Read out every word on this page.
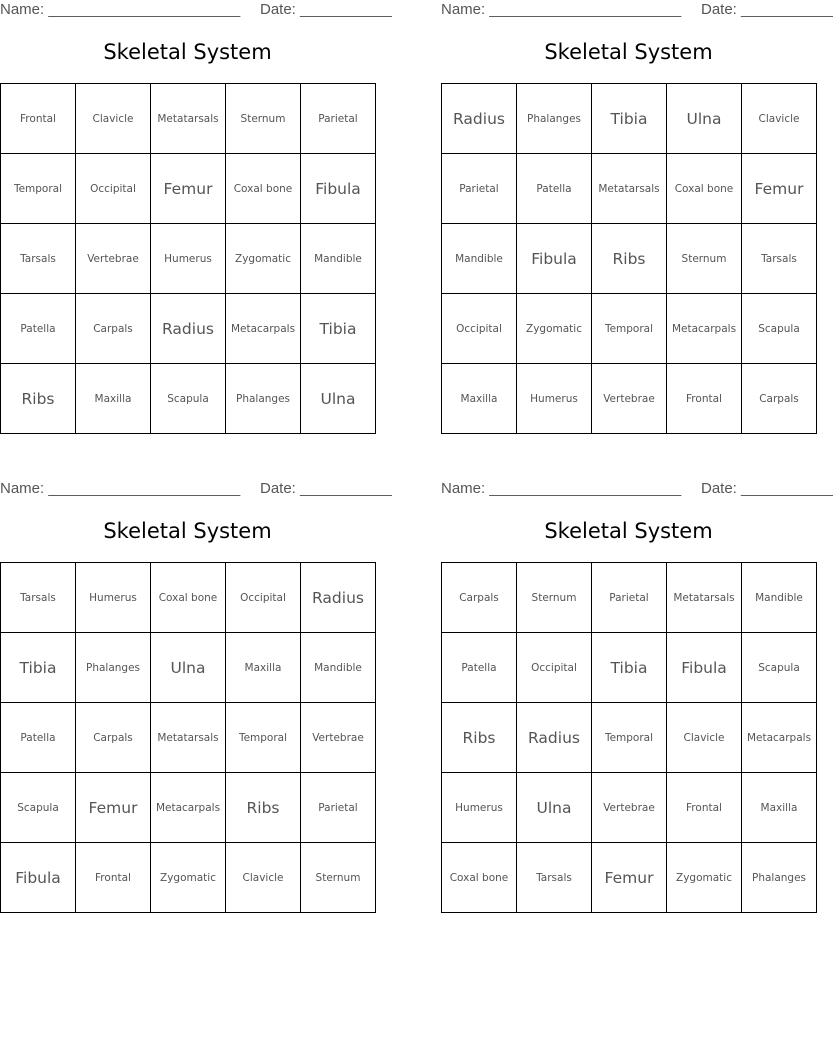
Name: _______________________ Date: ___________
Skeletal System
Frontal	Clavicle	Metatarsals	Sternum	Parietal
Temporal	Occipital	Femur	Coxal bone	Fibula
Tarsals	Vertebrae	Humerus	Zygomatic	Mandible
Patella	Carpals	Radius	Metacarpals	Tibia
Ribs	Maxilla	Scapula	Phalanges	Ulna
Name: _______________________ Date: ___________
Skeletal System
Radius	Phalanges	Tibia	Ulna	Clavicle
Parietal	Patella	Metatarsals	Coxal bone	Femur
Mandible	Fibula	Ribs	Sternum	Tarsals
Occipital	Zygomatic	Temporal	Metacarpals	Scapula
Maxilla	Humerus	Vertebrae	Frontal	Carpals
Name: _______________________ Date: ___________
Skeletal System
Tarsals	Humerus	Coxal bone	Occipital	Radius
Tibia	Phalanges	Ulna	Maxilla	Mandible
Patella	Carpals	Metatarsals	Temporal	Vertebrae
Scapula	Femur	Metacarpals	Ribs	Parietal
Fibula	Frontal	Zygomatic	Clavicle	Sternum
Name: _______________________ Date: ___________
Skeletal System
Carpals	Sternum	Parietal	Metatarsals	Mandible
Patella	Occipital	Tibia	Fibula	Scapula
Ribs	Radius	Temporal	Clavicle	Metacarpals
Humerus	Ulna	Vertebrae	Frontal	Maxilla
Coxal bone	Tarsals	Femur	Zygomatic	Phalanges
